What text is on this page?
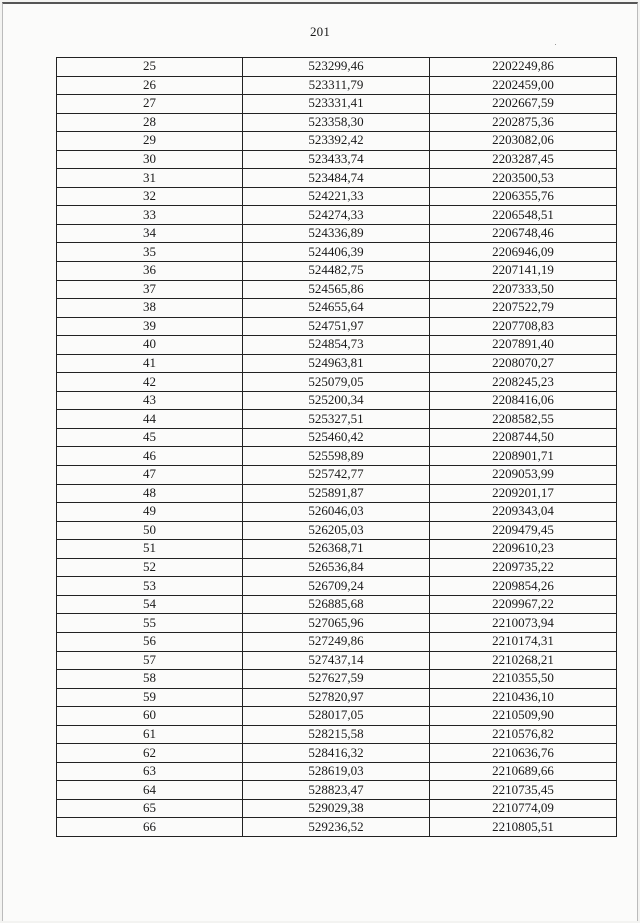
201
25	523299,46	2202249,86
26	523311,79	2202459,00
27	523331,41	2202667,59
28	523358,30	2202875,36
29	523392,42	2203082,06
30	523433,74	2203287,45
31	523484,74	2203500,53
32	524221,33	2206355,76
33	524274,33	2206548,51
34	524336,89	2206748,46
35	524406,39	2206946,09
36	524482,75	2207141,19
37	524565,86	2207333,50
38	524655,64	2207522,79
39	524751,97	2207708,83
40	524854,73	2207891,40
41	524963,81	2208070,27
42	525079,05	2208245,23
43	525200,34	2208416,06
44	525327,51	2208582,55
45	525460,42	2208744,50
46	525598,89	2208901,71
47	525742,77	2209053,99
48	525891,87	2209201,17
49	526046,03	2209343,04
50	526205,03	2209479,45
51	526368,71	2209610,23
52	526536,84	2209735,22
53	526709,24	2209854,26
54	526885,68	2209967,22
55	527065,96	2210073,94
56	527249,86	2210174,31
57	527437,14	2210268,21
58	527627,59	2210355,50
59	527820,97	2210436,10
60	528017,05	2210509,90
61	528215,58	2210576,82
62	528416,32	2210636,76
63	528619,03	2210689,66
64	528823,47	2210735,45
65	529029,38	2210774,09
66	529236,52	2210805,51
